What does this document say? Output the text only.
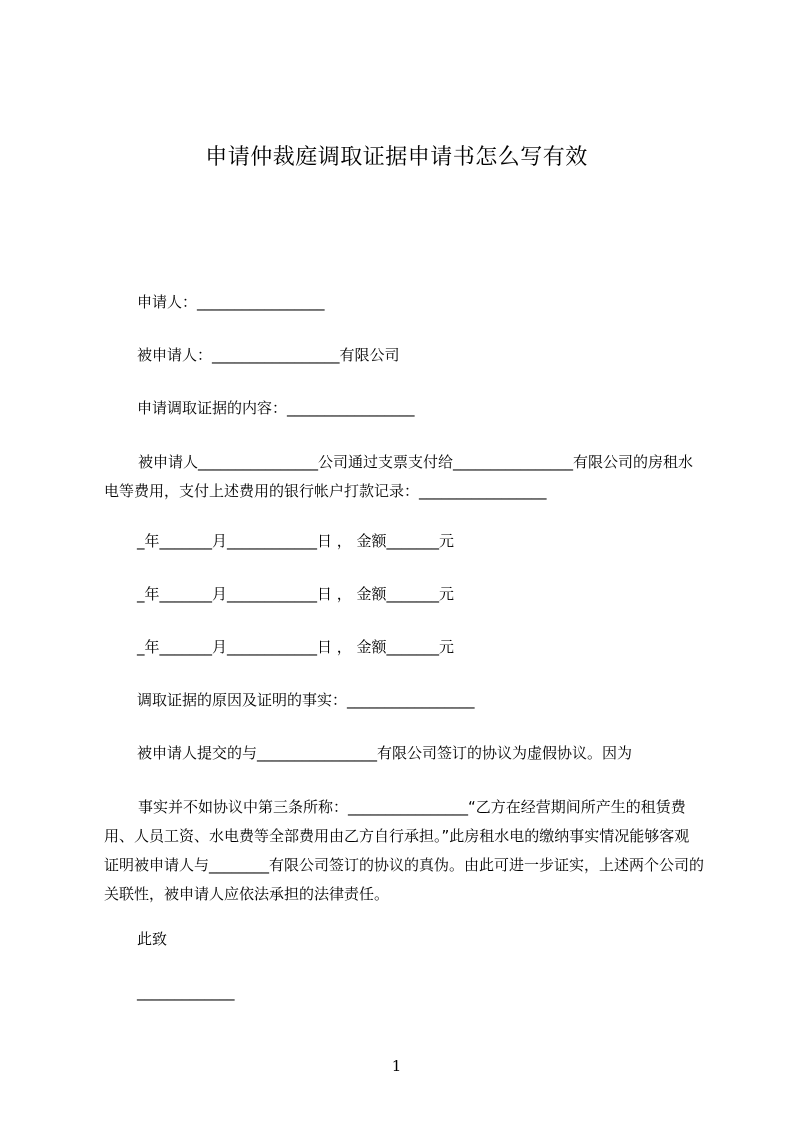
申请仲裁庭调取证据申请书怎么写有效

申请人：_________________

被申请人：_________________有限公司

申请调取证据的内容：_________________

被申请人________________公司通过支票支付给________________有限公司的房租水电等费用，支付上述费用的银行帐户打款记录：_________________

_年_______月____________日 ， 金额_______元

_年_______月____________日 ， 金额_______元

_年_______月____________日 ， 金额_______元

调取证据的原因及证明的事实：_________________

被申请人提交的与________________有限公司签订的协议为虚假协议。因为

事实并不如协议中第三条所称：________________“乙方在经营期间所产生的租赁费用、人员工资、水电费等全部费用由乙方自行承担。”此房租水电的缴纳事实情况能够客观证明被申请人与________有限公司签订的协议的真伪。由此可进一步证实，上述两个公司的关联性，被申请人应依法承担的法律责任。

此致

_____________

1
